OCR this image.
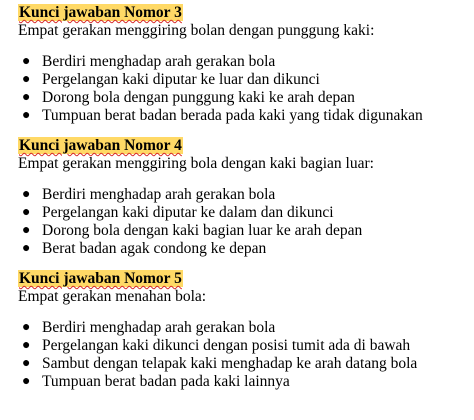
Kunci jawaban Nomor 3
Empat gerakan menggiring bolan dengan punggung kaki:
● Berdiri menghadap arah gerakan bola
● Pergelangan kaki diputar ke luar dan dikunci
● Dorong bola dengan punggung kaki ke arah depan
● Tumpuan berat badan berada pada kaki yang tidak digunakan
Kunci jawaban Nomor 4
Empat gerakan menggiring bola dengan kaki bagian luar:
● Berdiri menghadap arah gerakan bola
● Pergelangan kaki diputar ke dalam dan dikunci
● Dorong bola dengan kaki bagian luar ke arah depan
● Berat badan agak condong ke depan
Kunci jawaban Nomor 5
Empat gerakan menahan bola:
● Berdiri menghadap arah gerakan bola
● Pergelangan kaki dikunci dengan posisi tumit ada di bawah
● Sambut dengan telapak kaki menghadap ke arah datang bola
● Tumpuan berat badan pada kaki lainnya
